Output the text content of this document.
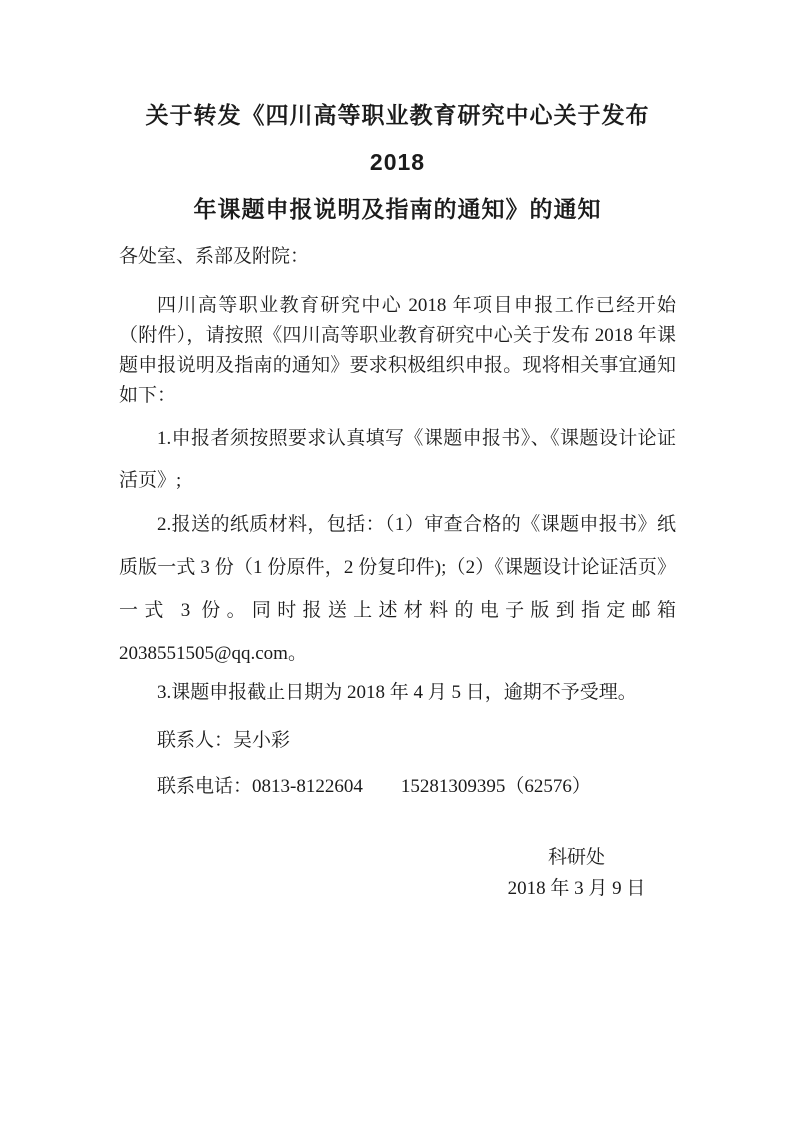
关于转发《四川高等职业教育研究中心关于发布 2018
年课题申报说明及指南的通知》的通知

各处室、系部及附院：

四川高等职业教育研究中心 2018 年项目申报工作已经开始（附件），请按照《四川高等职业教育研究中心关于发布 2018 年课题申报说明及指南的通知》要求积极组织申报。现将相关事宜通知如下：

1.申报者须按照要求认真填写《课题申报书》、《课题设计论证活页》;

2.报送的纸质材料，包括：（1）审查合格的《课题申报书》纸质版一式 3 份（1 份原件，2 份复印件);（2）《课题设计论证活页》一式 3 份。同时报送上述材料的电子版到指定邮箱 2038551505@qq.com。

3.课题申报截止日期为 2018 年 4 月 5 日，逾期不予受理。

联系人：吴小彩

联系电话：0813-8122604　　15281309395（62576）

科研处
2018 年 3 月 9 日
